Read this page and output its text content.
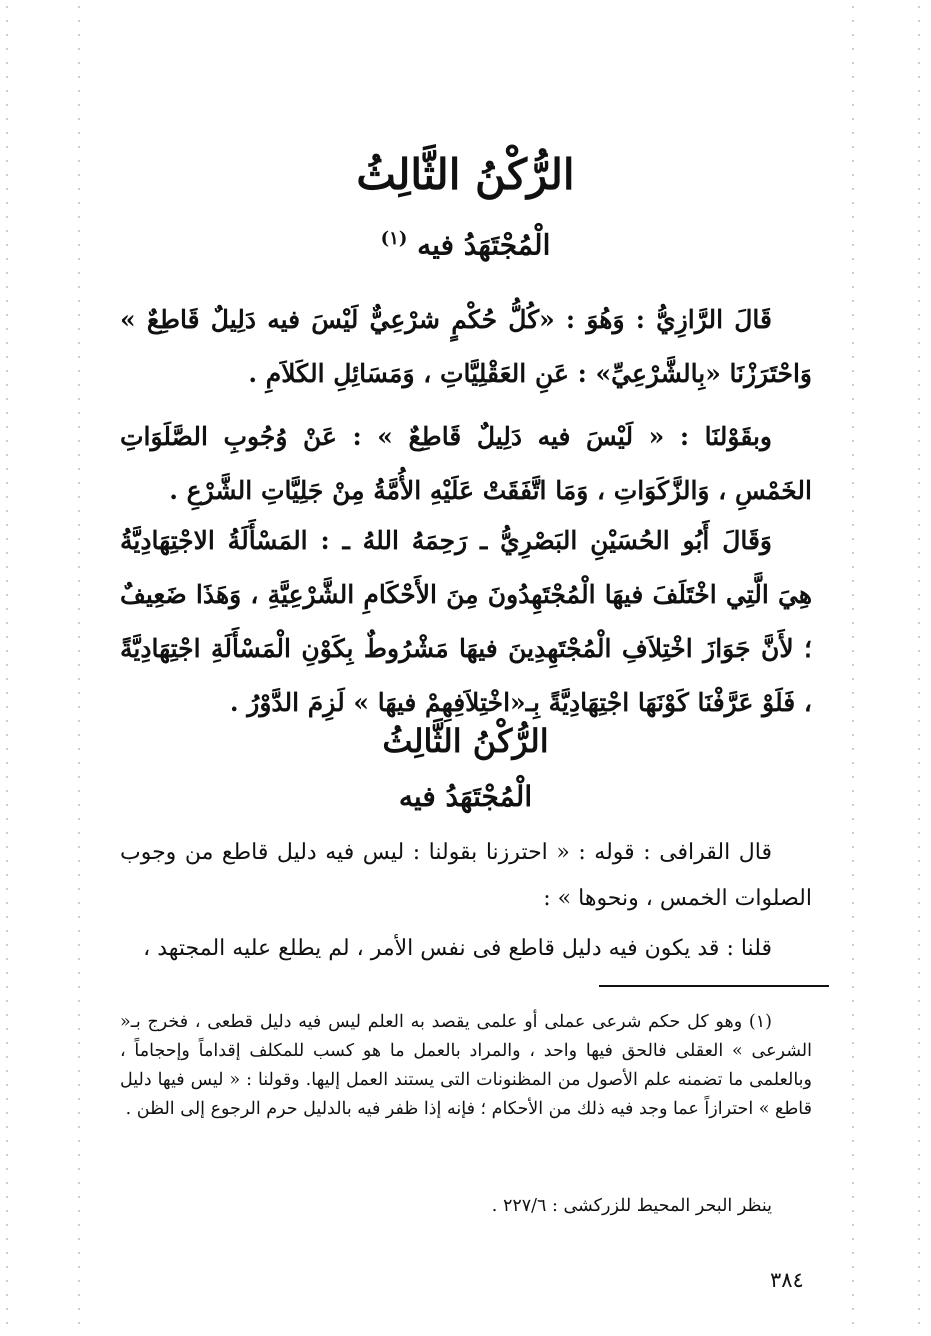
الرُّكْنُ الثَّالِثُ
الْمُجْتَهَدُ فيه $^{(١)}$
قَالَ الرَّازِيُّ : وَهُوَ : «كُلُّ حُكْمٍ شرْعِيٌّ لَيْسَ فيه دَلِيلٌ قَاطِعٌ » وَاحْتَرَزْنَا «بِالشَّرْعِيِّ» : عَنِ العَقْلِيَّاتِ ، وَمَسَائِلِ الكَلاَمِ .
وبقَوْلنَا : « لَيْسَ فيه دَلِيلٌ قَاطِعٌ » : عَنْ وُجُوبِ الصَّلَوَاتِ الخَمْسِ ، وَالزَّكَوَاتِ ، وَمَا اتَّفَقَتْ عَلَيْهِ الأُمَّةُ مِنْ جَلِيَّاتِ الشَّرْعِ .
وَقَالَ أَبُو الحُسَيْنِ البَصْرِيُّ ـ رَحِمَهُ اللهُ ـ : المَسْأَلَةُ الاجْتِهَادِيَّةُ هِيَ الَّتِي اخْتَلَفَ فيهَا الْمُجْتَهِدُونَ مِنَ الأَحْكَامِ الشَّرْعِيَّةِ ، وَهَذَا ضَعِيفٌ ؛ لأَنَّ جَوَازَ اخْتِلاَفِ الْمُجْتَهِدِينَ فيهَا مَشْرُوطٌ بِكَوْنِ الْمَسْأَلَةِ اجْتِهَادِيَّةً ، فَلَوْ عَرَّفْنَا كَوْنَهَا اجْتِهَادِيَّةً بِـ«اخْتِلاَفِهِمْ فيهَا » لَزِمَ الدَّوْرُ .
الرُّكْنُ الثَّالِثُ
الْمُجْتَهَدُ فيه
قال القرافى : قوله : « احترزنا بقولنا : ليس فيه دليل قاطع من وجوب الصلوات الخمس ، ونحوها » :
قلنا : قد يكون فيه دليل قاطع فى نفس الأمر ، لم يطلع عليه المجتهد ،
(١) وهو كل حكم شرعى عملى أو علمى يقصد به العلم ليس فيه دليل قطعى ، فخرج بـ« الشرعى » العقلى فالحق فيها واحد ، والمراد بالعمل ما هو كسب للمكلف إقداماً وإحجاماً ، وبالعلمى ما تضمنه علم الأصول من المظنونات التى يستند العمل إليها. وقولنا : « ليس فيها دليل قاطع » احترازاً عما وجد فيه ذلك من الأحكام ؛ فإنه إذا ظفر فيه بالدليل حرم الرجوع إلى الظن .
ينظر البحر المحيط للزركشى : ٢٢٧/٦ .
٣٨٤
